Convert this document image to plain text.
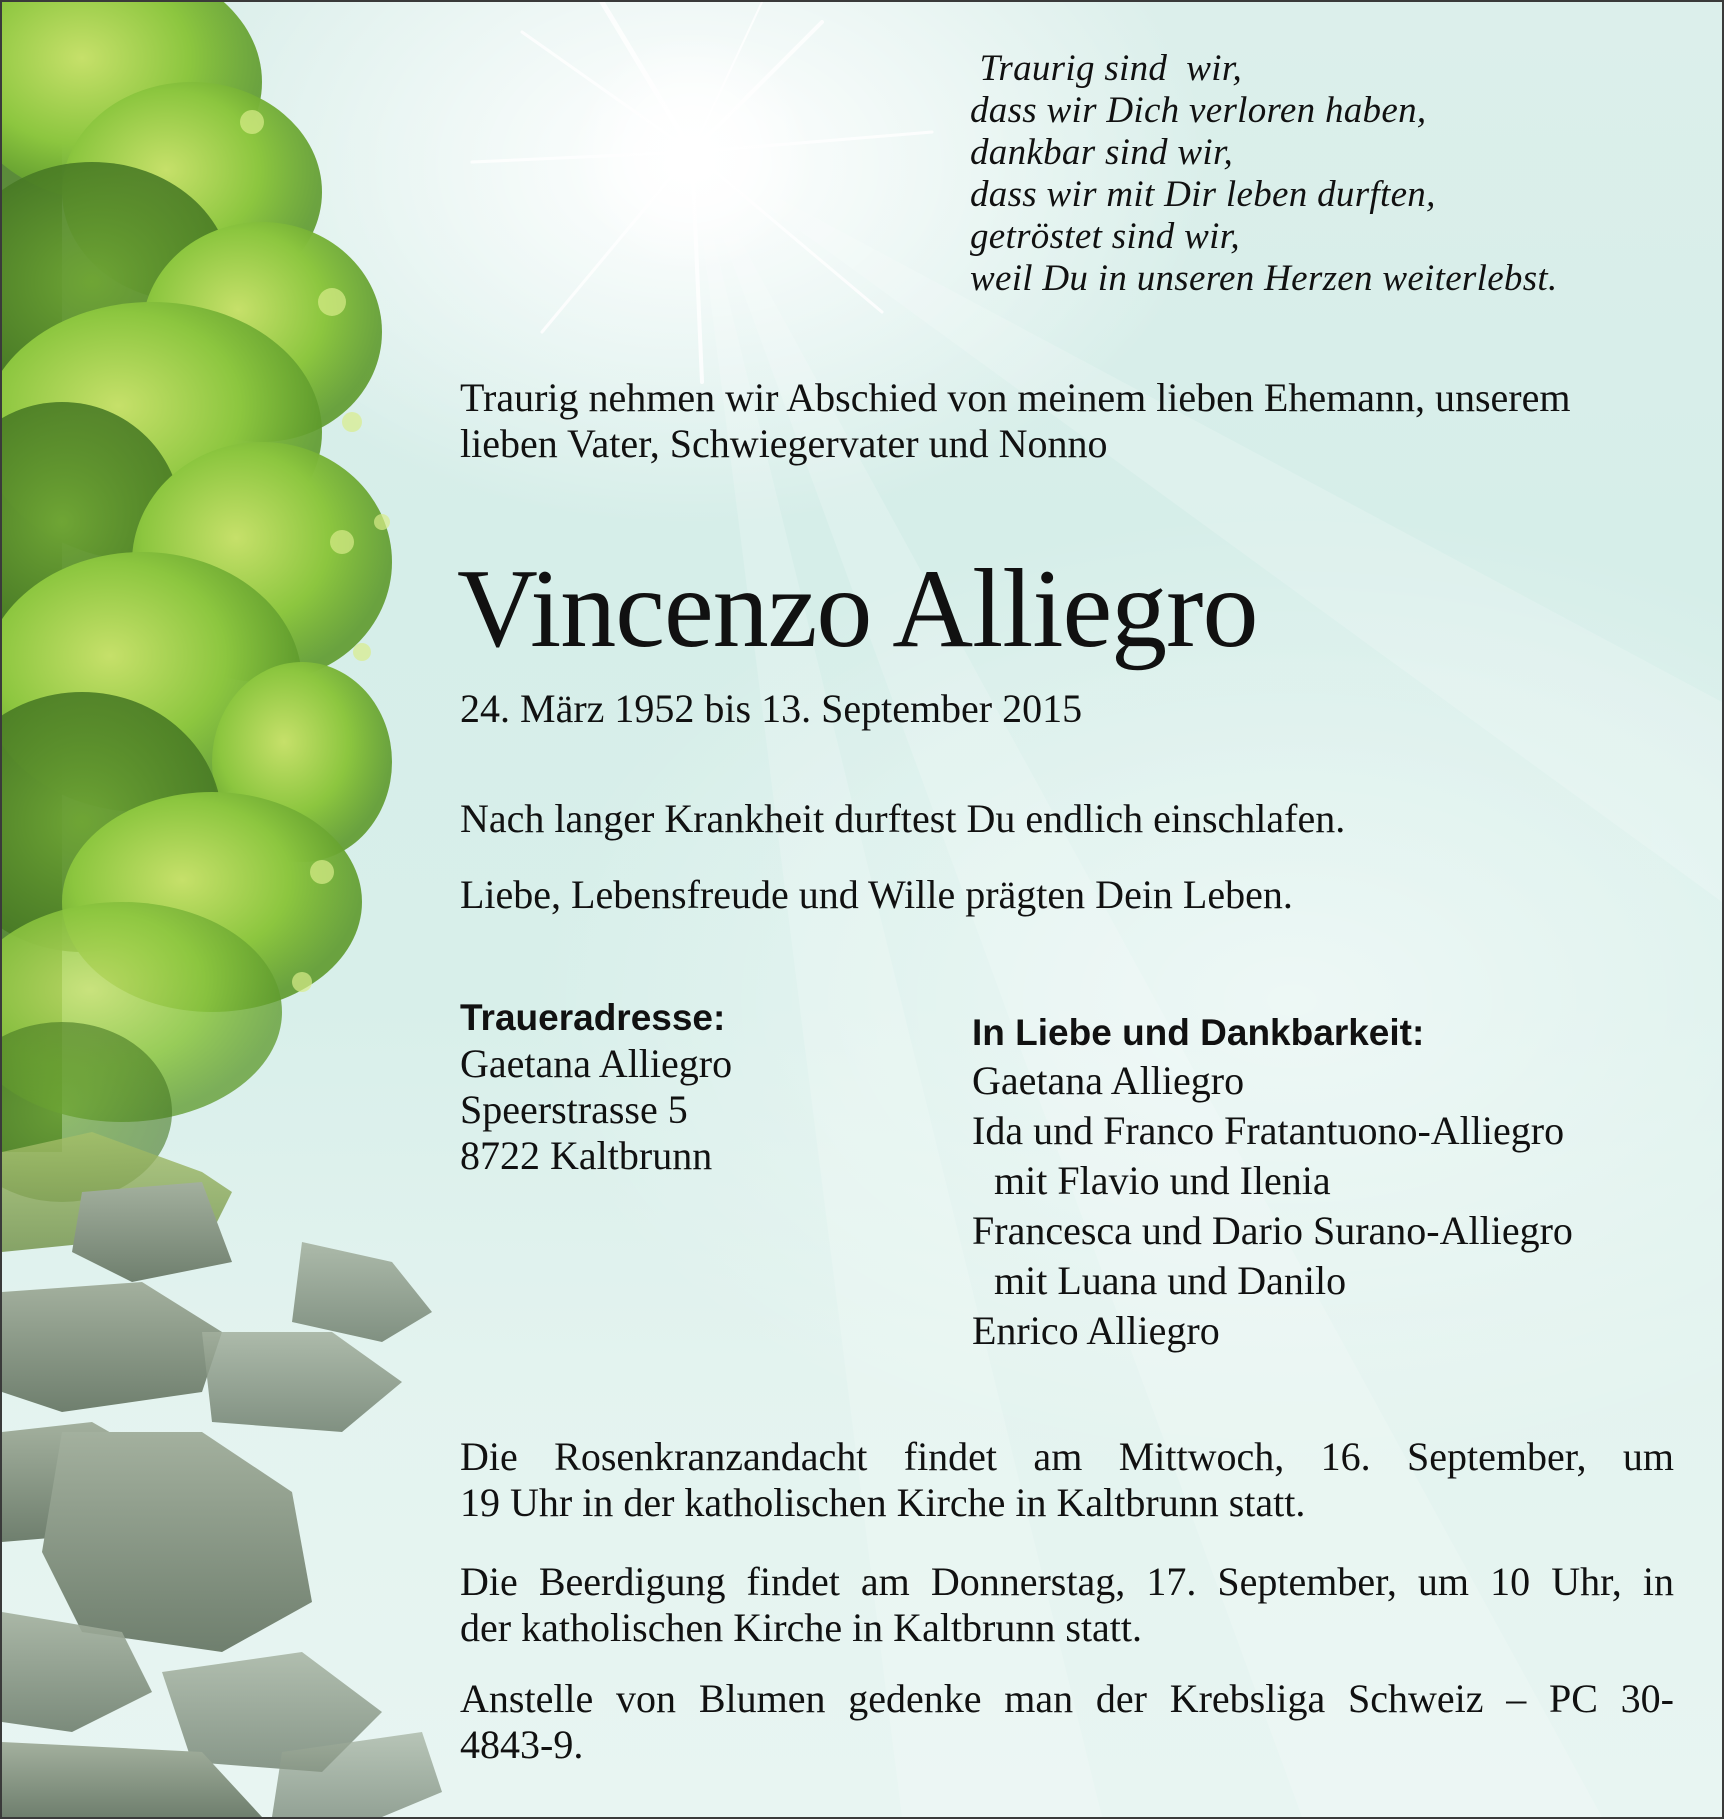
Traurig sind  wir,
dass wir Dich verloren haben,
dankbar sind wir,
dass wir mit Dir leben durften,
getröstet sind wir,
weil Du in unseren Herzen weiterlebst.
Traurig nehmen wir Abschied von meinem lieben Ehemann, unserem
lieben Vater, Schwiegervater und Nonno
Vincenzo Alliegro
24. März 1952 bis 13. September 2015
Nach langer Krankheit durftest Du endlich einschlafen.
Liebe, Lebensfreude und Wille prägten Dein Leben.
Traueradresse:
Gaetana Alliegro
Speerstrasse 5
8722 Kaltbrunn
In Liebe und Dankbarkeit:
Gaetana Alliegro
Ida und Franco Fratantuono-Alliegro
mit Flavio und Ilenia
Francesca und Dario Surano-Alliegro
mit Luana und Danilo
Enrico Alliegro
Die Rosenkranzandacht findet am Mittwoch, 16. September, um
19 Uhr in der katholischen Kirche in Kaltbrunn statt.
Die Beerdigung findet am Donnerstag, 17. September, um 10 Uhr, in
der katholischen Kirche in Kaltbrunn statt.
Anstelle von Blumen gedenke man der Krebsliga Schweiz – PC 30-
4843-9.
